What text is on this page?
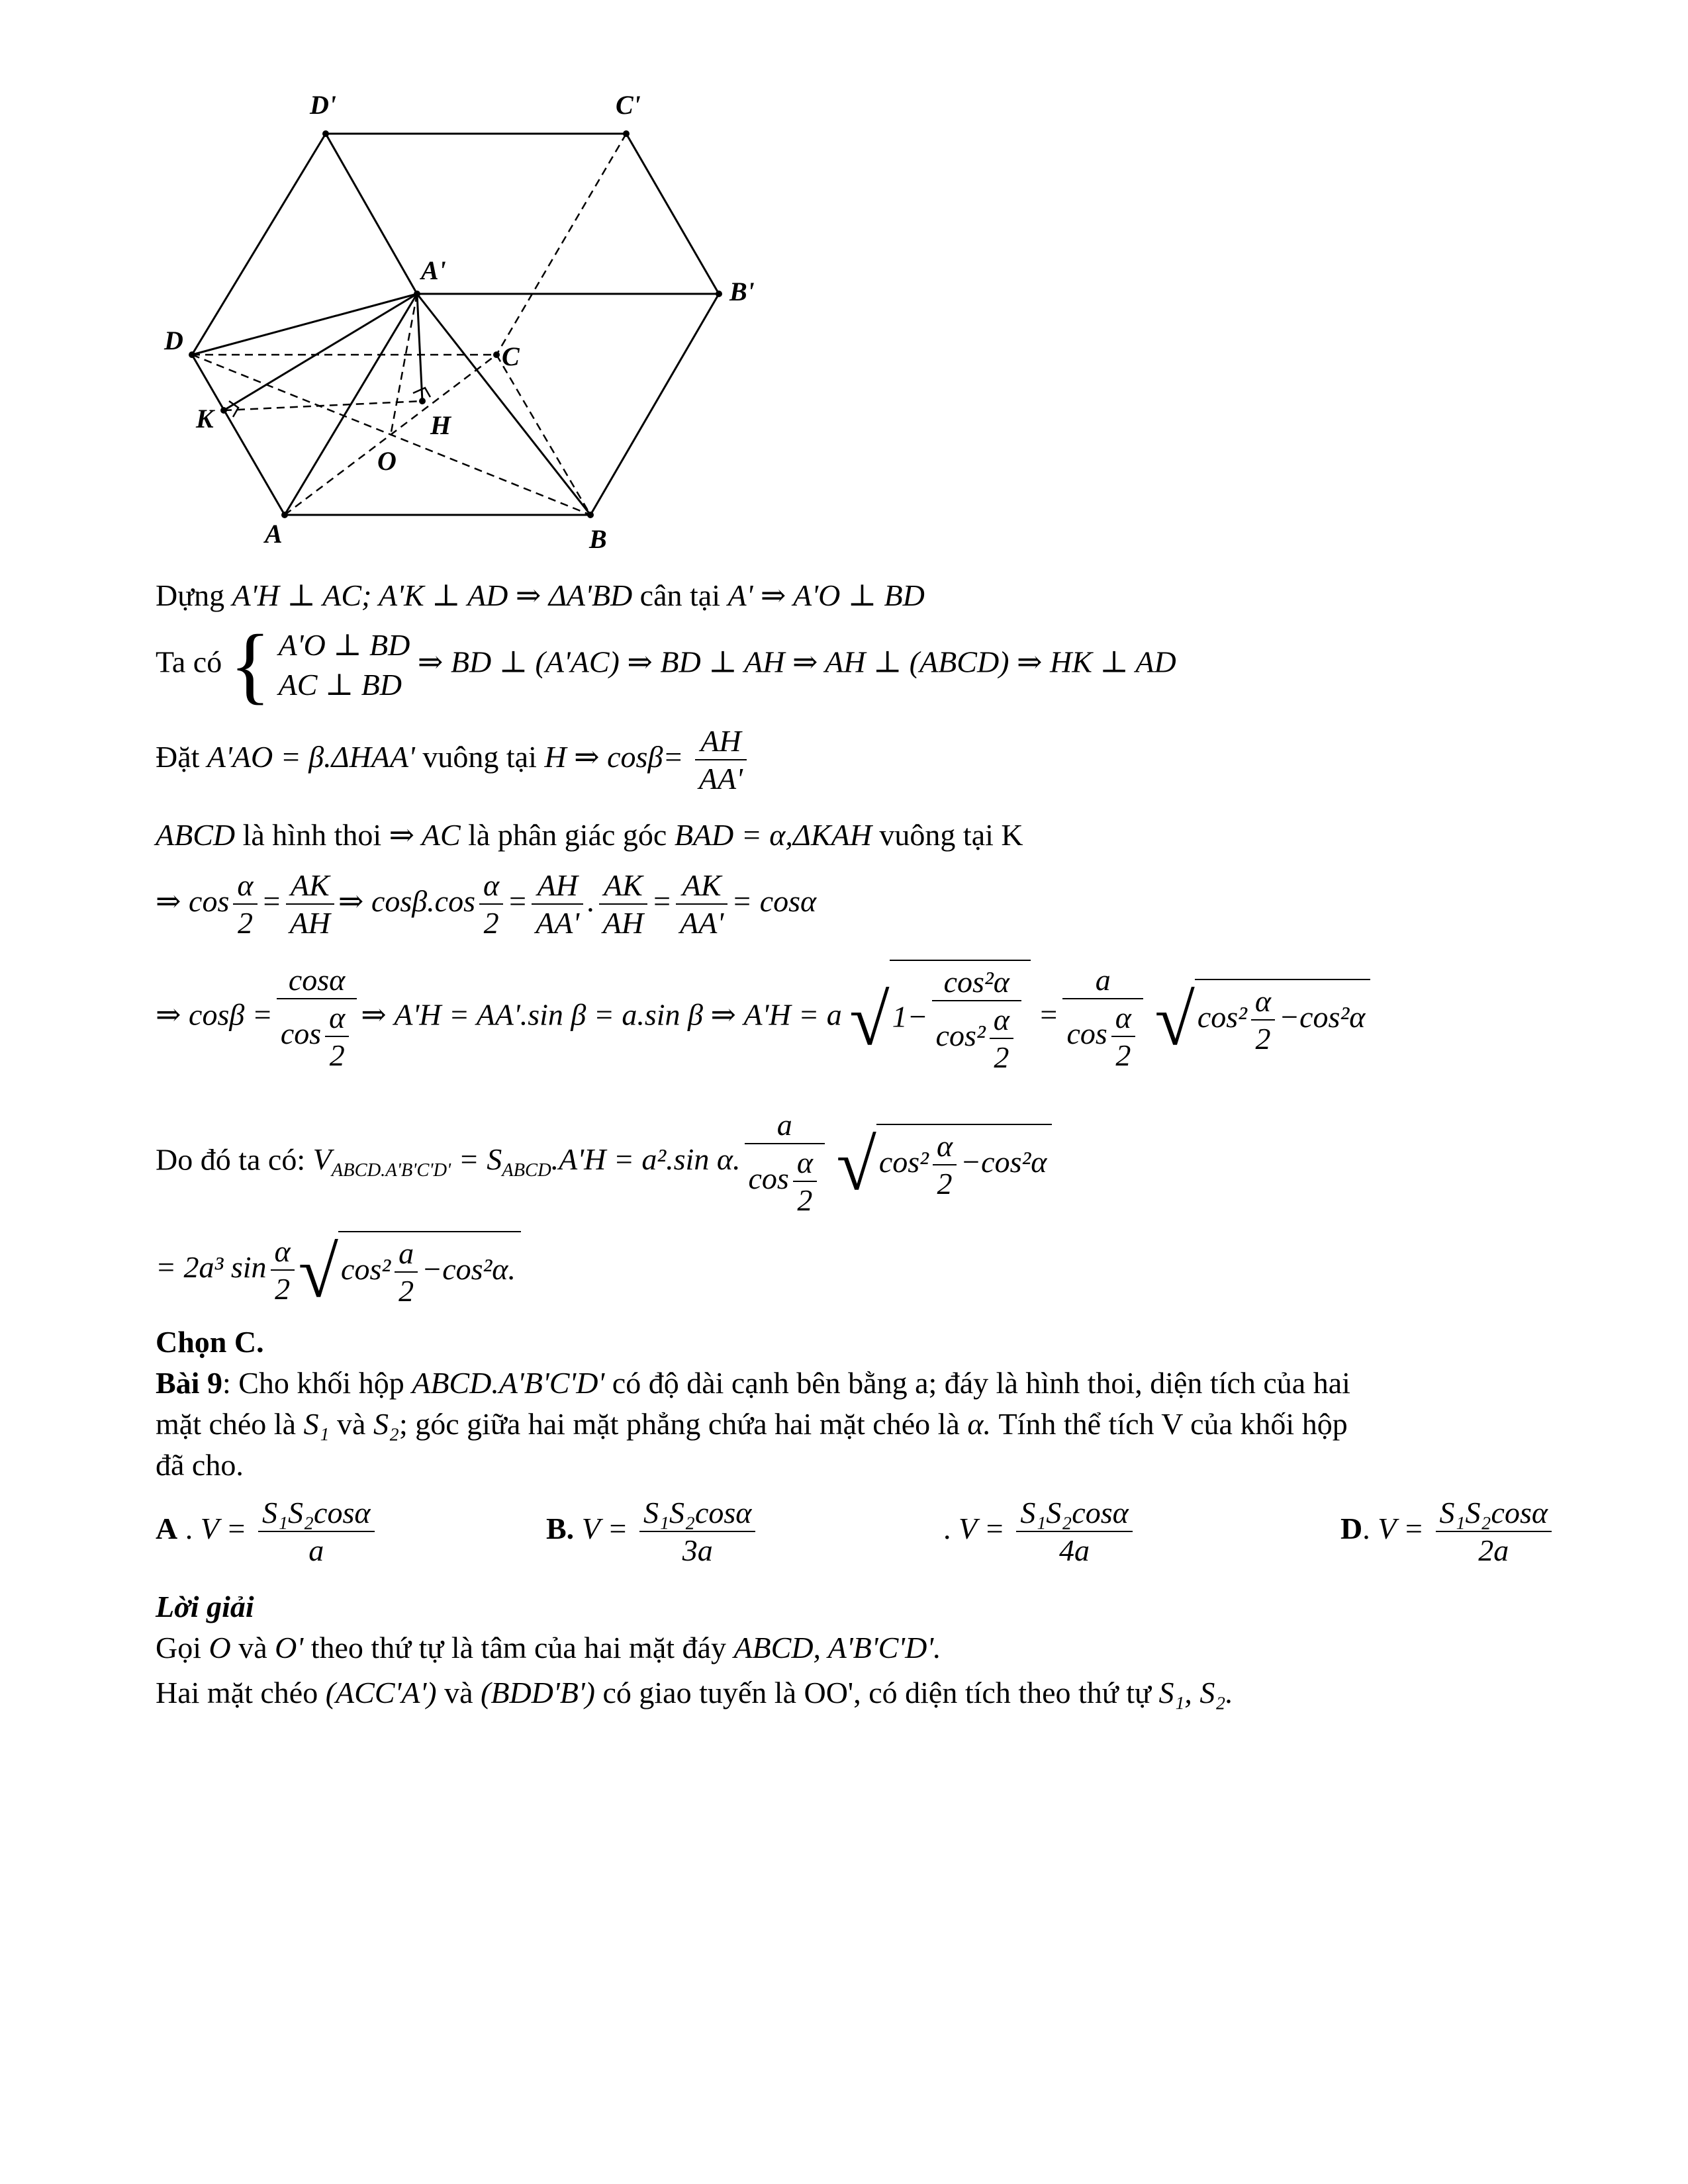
D'	C'
A'
B'
D
C
K	H
O
A	B
Dựng A'H ⊥ AC; A'K ⊥ AD ⇒ ΔA'BD cân tại A' ⇒ A'O ⊥ BD
Ta có { A'O ⊥ BD
AC ⊥ BD
⇒ BD ⊥ (A'AC) ⇒ BD ⊥ AH ⇒ AH ⊥ (ABCD) ⇒ HK ⊥ AD
Đặt A'AO = β.ΔHAA' vuông tại H ⇒ $\cos\beta= \frac{AH}{AA'}$
ABCD là hình thoi ⇒ AC là phân giác góc BAD = α,ΔKAH vuông tại K
⇒ $\cos \frac{\alpha}{2} = \frac{AK}{AH}$ ⇒ $\cos\beta.\cos \frac{\alpha}{2} = \frac{AH}{AA'}$ . $\frac{AK}{AH} = \frac{AK}{AA'} = \cos\alpha$
⇒ $\cos\beta = \frac{\cos\alpha}{\cos \frac{\alpha}{2}}$ ⇒ A'H = AA'.sin β = a.sin β ⇒ A'H = a $√1- \frac{\text{cos²α}}{\cos^2 \frac{\alpha}{2}} = \frac{a}{\cos \frac{\alpha}{2}} √\cos^2 \frac{\alpha}{2} -\cos^2\alpha$
Do đó ta có: $V_{ABCD.A'B'C'D'} = S_{ABCD}.A'H = a^2.\sin$ α. $\frac{a}{\cos \frac{\alpha}{2}} √\cos^2 \frac{\alpha}{2} -\cos^2\alpha$
= 2a³ $\sin \frac{\alpha}{2} √\cos^2 \frac{a}{2} -\cos^2\alpha$.
Chọn C.
Bài 9: Cho khối hộp ABCD.A'B'C'D' có độ dài cạnh bên bằng a; đáy là hình thoi, diện tích của hai
mặt chéo là S₁ và S₂; góc giữa hai mặt phẳng chứa hai mặt chéo là α. Tính thể tích V của khối hộp
đã cho.
A . $V = \frac{\text{S₁S₂cosα}}{a}$	B. $V = \frac{\text{S₁S₂cosα}}{3a}$	. $V = \frac{\text{S₁S₂cosα}}{4a}$	D. $V = \frac{\text{S₁S₂cosα}}{2a}$
Lời giải
Gọi O và O' theo thứ tự là tâm của hai mặt đáy ABCD, A'B'C'D'.
Hai mặt chéo (ACC'A') và (BDD'B') có giao tuyến là OO', có diện tích theo thứ tự S₁, S₂.
